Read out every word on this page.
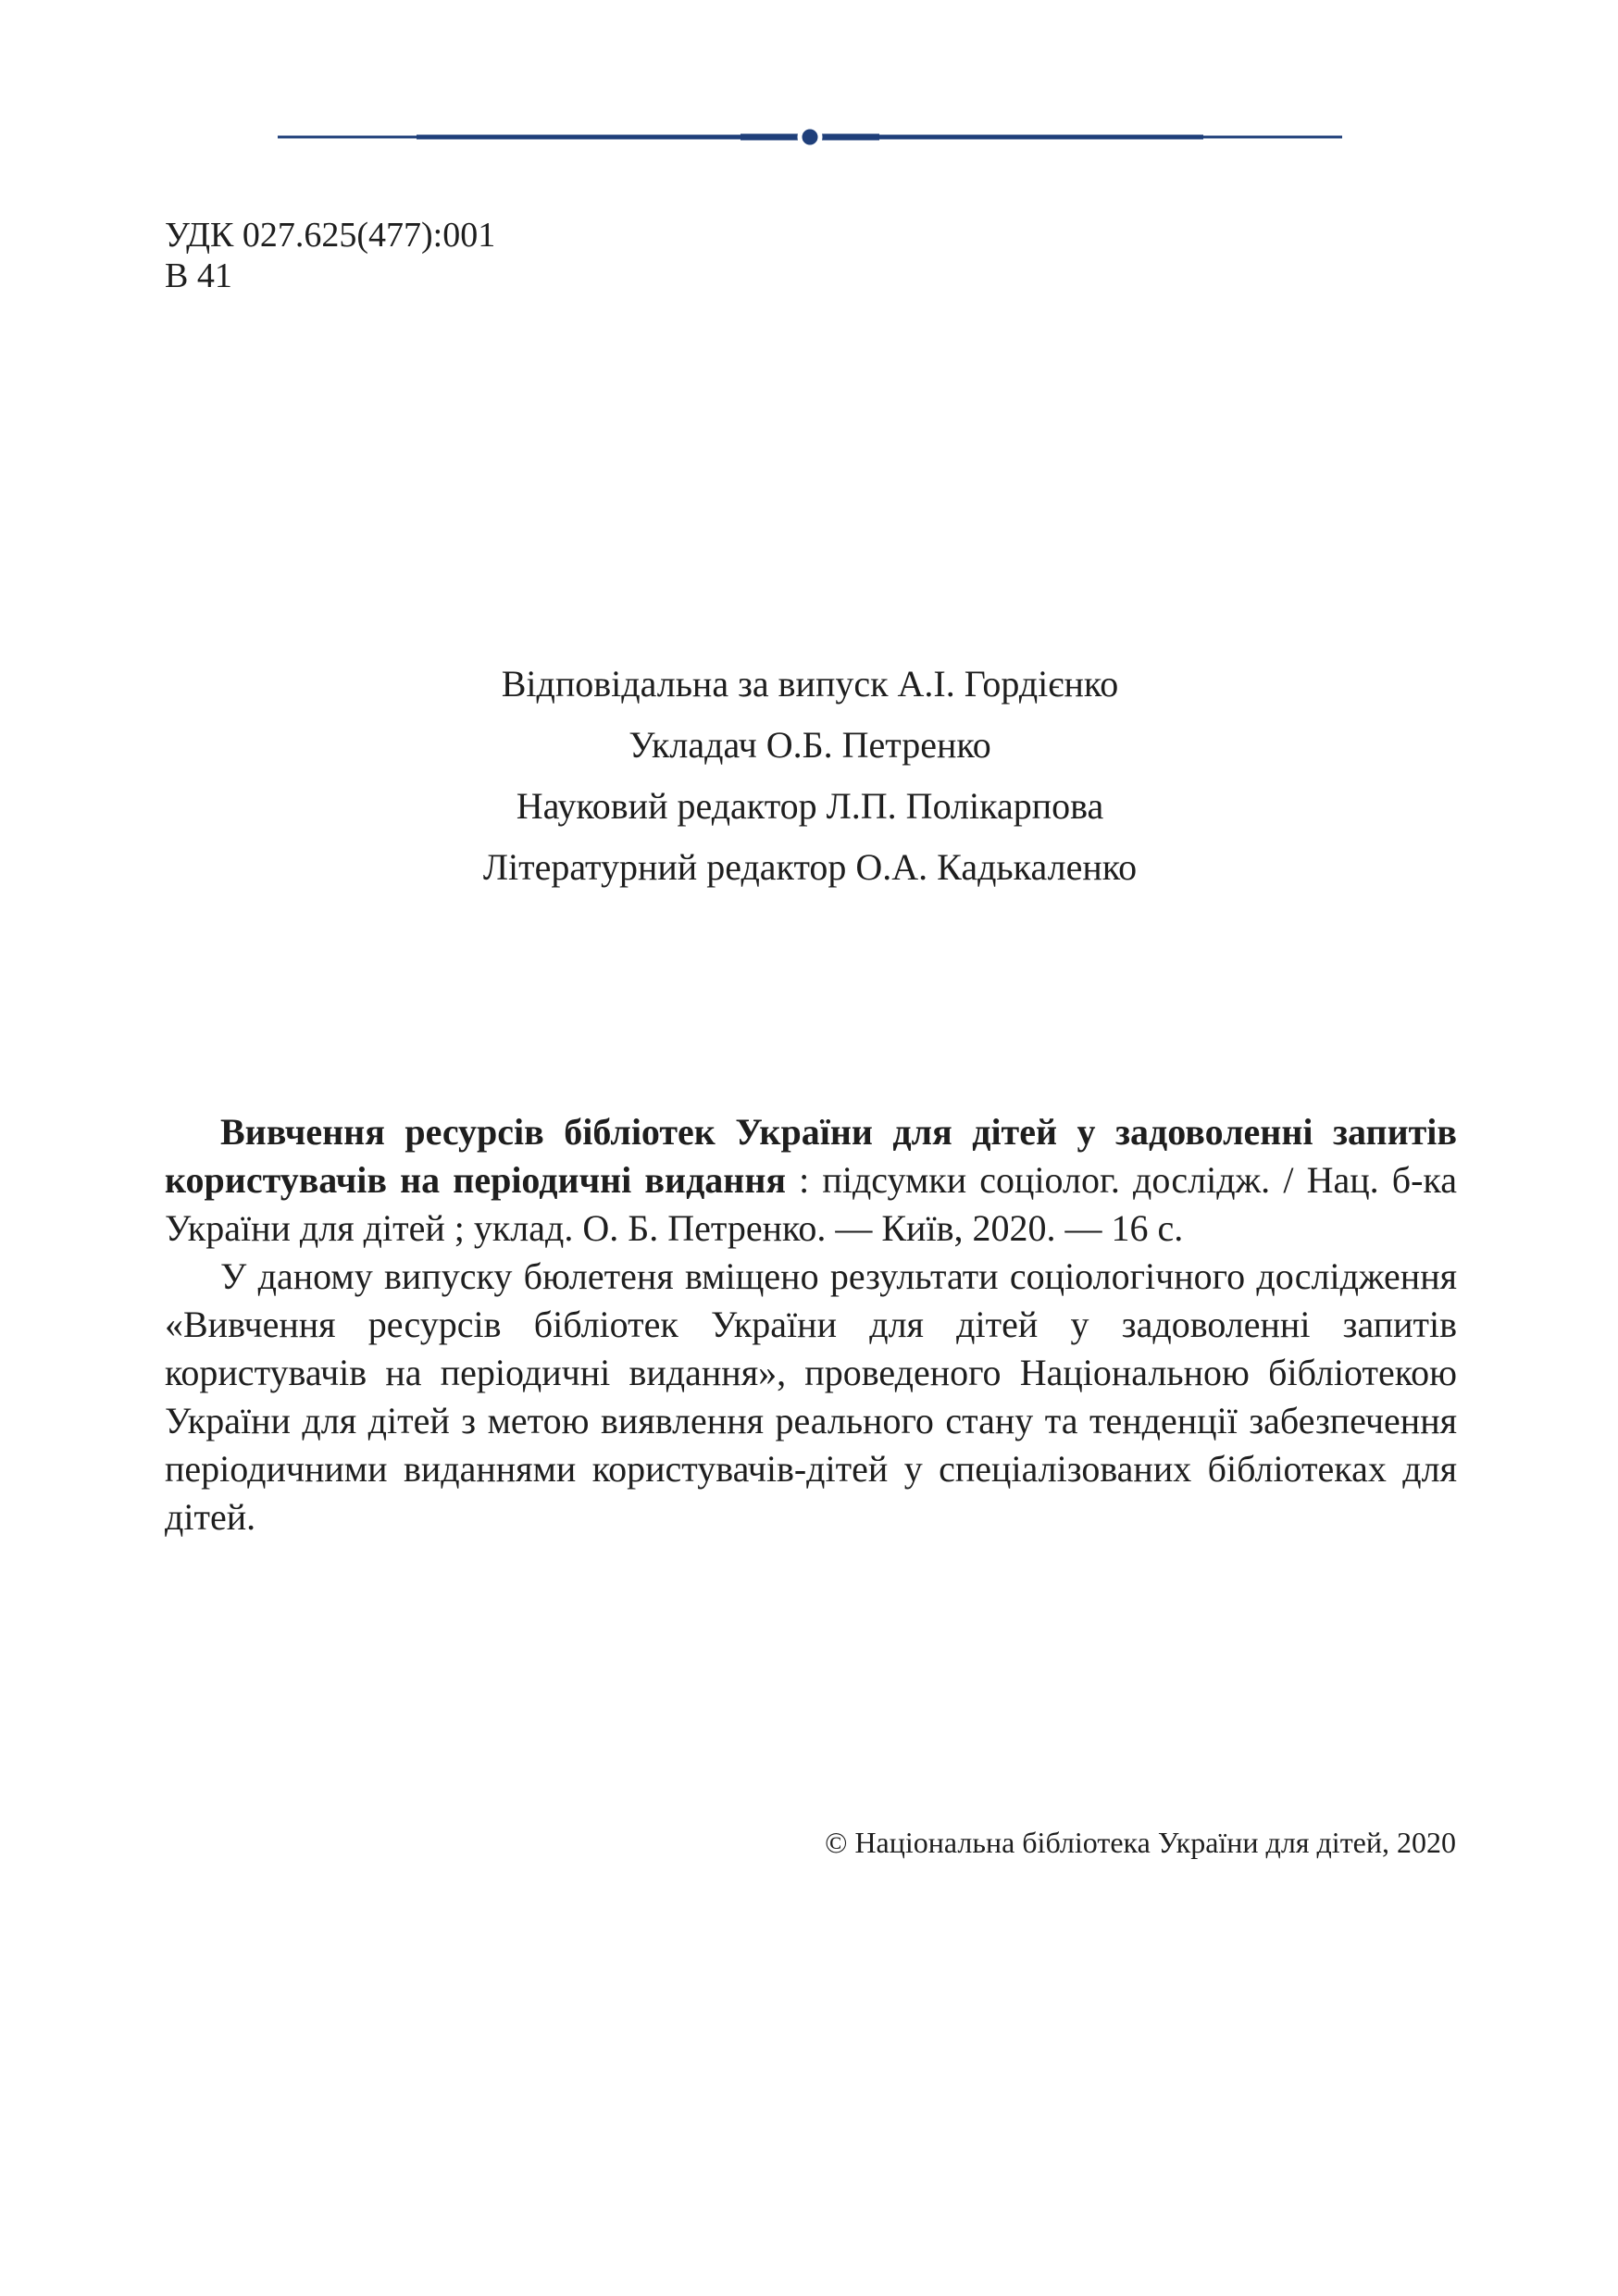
УДК 027.625(477):001
В 41
Відповідальна за випуск А.І. Гордієнко
Укладач О.Б. Петренко
Науковий редактор Л.П. Полікарпова
Літературний редактор О.А. Кадькаленко

Вивчення ресурсів бібліотек України для дітей у задоволенні запитів користувачів на періодичні видання : підсумки соціолог. дослідж. / Нац. б-ка України для дітей ; уклад. О. Б. Петренко. — Київ, 2020. — 16 с.

У даному випуску бюлетеня вміщено результати соціологічного дослідження «Вивчення ресурсів бібліотек України для дітей у задоволенні запитів користувачів на періодичні видання», проведеного Національною бібліотекою України для дітей з метою виявлення реального стану та тенденції забезпечення періодичними виданнями користувачів-дітей у спеціалізованих бібліотеках для дітей.

© Національна бібліотека України для дітей, 2020
